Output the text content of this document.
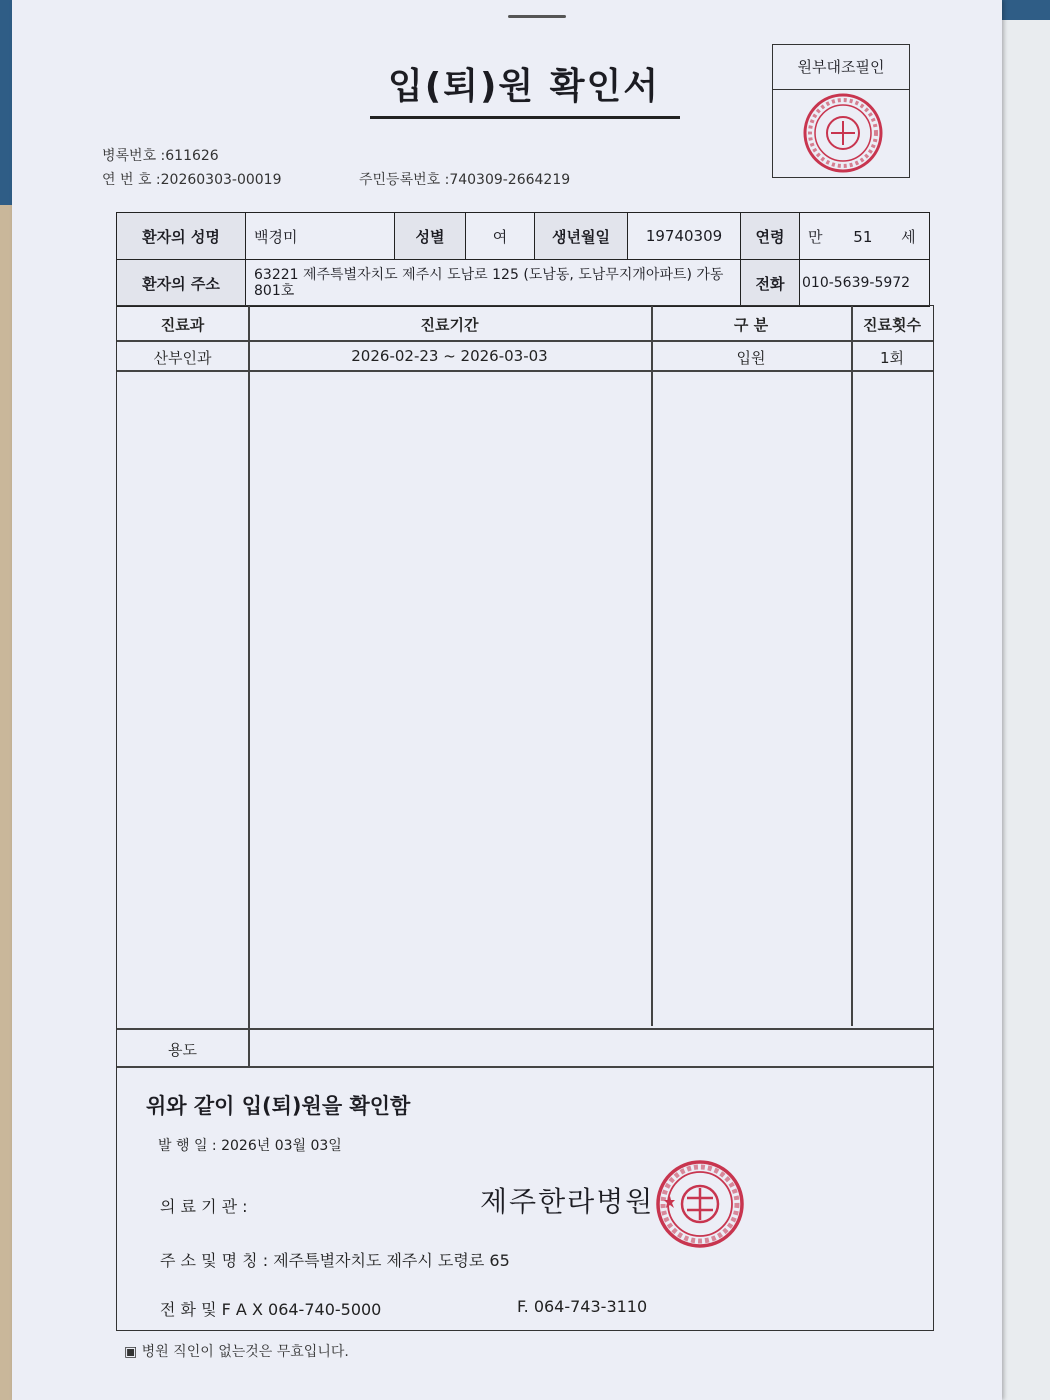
입(퇴)원 확인서	원부대조필인
병록번호 :611626
연 번 호 :20260303-00019	주민등록번호 :740309-2664219
환자의 성명	백경미	성별	여	생년월일	19740309	연령	만 51 세
환자의 주소	63221 제주특별자치도 제주시 도남로 125 (도남동, 도남무지개아파트) 가동 801호					전화	010-5639-5972
진료과	진료기간	구 분	진료횟수
산부인과	2026-02-23 ~ 2026-03-03	입원	1회
용도
위와 같이 입(퇴)원을 확인함
발 행 일 : 2026년 03월 03일
의 료 기 관 :	제주한라병원
주 소 및 명 칭 : 제주특별자치도 제주시 도령로 65
전 화 및 F A X 064-740-5000	F. 064-743-3110
▣ 병원 직인이 없는것은 무효입니다.
